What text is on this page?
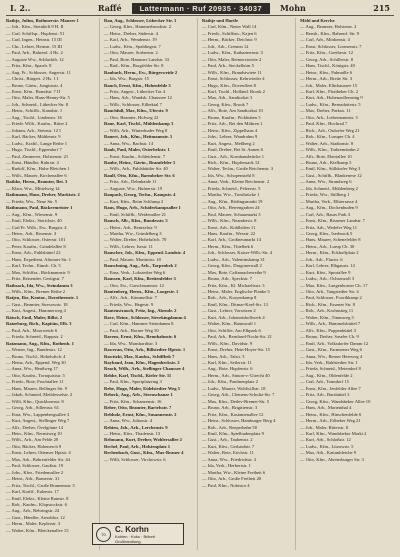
I. 2..	Raffé	Lattermann · Ruf 20935 · 34037	Mohn	215
Rathje, Julius, Bothmerstr. Maurer 1
— Joh., Kfm., Steinhöft 9 H. II
— Carl, Schiffsp., Hopfenst. 51
— Carl, Ingen., Heinstr. 15 III
— Chr., Lehrer, Heinstr. 15 III
— Paul, Arb., Bahrenf. 4 Hs. 2
— Auguste Ww., Schlachth. 12
— Fritz, Kfm., Sparrh. 8
— Aug. Fr., Schlosser, Angerstr. 11
— Christ., Bürgert. 2 Hs. 1 I
— Bruno, Gärtn., Jungiusstr. 4
— Ernst, Kfm., Brandstr. 7 II
— Otto, Maler, Hans-Henny-Str. 5
— Joh., Schneid., Lübecker Str. 8
— Heinr., Schiffb., Kanalstr. 1
— Aug., Tischl., Lindenstr. 16
— Friedr. Wilh., Kaufm., Ritter 2
— Johann, Arb., Steinstr. 12 I
— Karl, Bäcker, Mühlenstr. 9
— Ludw., Kraftf., Lange Reihe 1
— Hugo, Tischl., Eppendorf 7
— Paul, Zimmerer, Holstenstr. 21
— Ernst, Händler, Ruhrstr. 4
— Rudolf, Kfm., Hohe Bleichen 1
— Wilh., Maurer, Kirchenallee 6
Rathke, Herm., Beamter, Bei. 3
— Klara, Ww., Mittelweg 14
Rathmann, Hans, Dreher, Marktstr. 2
— Frieda, Ww., Neue Str. 5
Rathmann, Paul, Bäckermeister 1
— Aug., Kfm., Wiesenstr. 9
— Emil, Elektr., Sierichstr. 40
— Carl Fr. Wilh., Ew., Burgstr. 4
— Heinr., Arb., Rosenstr. 3
— Otto, Schlosser, Osterstr. 101
— Peter, Kaufm., Grindelallee 8
— Ernst, Arb., Fuhlsbüttel 22
— Hans, Expedient, Altonaer Str. 1
— Karl, Techn., Eimsb. Ch. 5
— Max, Schiffsz., Böckmannstr. 9
— Fritz, Reisender, Gertigstr. 7
Rathsack, Ida, Ww., Steindamm 3
— Wilh., Kfm., Bremer Reihe 2
Ratjen, Ilse, Kontor., Dorotheenstr. 1
— Gust., Beamter, Stresowstr. 18
— Kurt, Angest., Hammerweg 4
Rätsch, Emil, Maler, Billst. 2
Ratzeburg, Rich., Kapitän, Elb. 3
— Paul, Arb., Moorweide 6
— Frieda, Schneid., Rappstr. 2
Ratzmann, Aug., Kfm., Rothenb. 1
— Werner, Ing., Bundesstr. 12
— Bruno, Tischl., Hoheluftch. 4
— Heinz, Arb., Eppend. Weg 30
— Anna, Ww., Heußweg 17
— Otto, Kaufm., Tornquiststr. 5
— Friedr., Bote, Fruchtallee 11
— Hans, Maurer, Rellinger Str. 9
— Jakob, Schmied, Methfesselstr. 2
— Willi, Kfm., Quickbornstr. 8
— Georg, Arb., Sillemstr. 61
— Erna, Ww., Lappenbergsallee 3
— Kurt, Angest., Stellinger Weg 7
— Alfr., Dreher, Övelgönne 14
— Hein., Kfm., Nernstweg 10
— Wilh., Arb., Am Felde 20
— Otto, Bäcker, Hohenesch 9
— Ernst, Lehrer, Ottenser Hptstr. 4
— Max, Arb., Bahrenfelder Str. 44
— Paul, Schlosser, Gaußstr. 19
— Johs., Kfm., Friedensallee 2
— Heinr., Arb., Barnerstr. 31
— Fritz, Tischl., Große Brunnenstr. 5
— Karl, Kraftf., Eulenstr. 17
— Emil, Elektr., Kleine Rainstr. 8
— Rob., Kaufm., Klopstockstr. 6
— Aug., Arb., Behringstr. 24
— Gust., Händler, Arnoldstr. 12
— Herm., Maler, Keplerstr. 3
— Walter, Kfm., Bleickenallee 15
Rau, Aug., Schlosser, Lübecker Str. 1
— Georg, Kfm., Hammerbrookstr. 2
— Heinr., Dreher, Süderstr. 4
— Karl, Arb., Wendenstr. 19
— Ludw., Kfm., Spaldingstr. 7
— Otto, Maurer, Sorbenstr. 2
— Paul, Bote, Hammer Landstr. 33
— Rud., Kfm., Borgfelder Str. 8
Raubach, Herm., Ew., Bürgerweide 2
— Ida, Ww., Burgstr. 15
Rauch, Ernst, Kfm., Hohenfelde 3
— Fritz, Angest., Lübecker Tor 4
— Hans, Arb., Wandsb. Chaussee 12
— Wilh., Schlosser, Eilbektal 7
Rauchfuß, Max, Kfm., Uferstr. 9
— Otto, Beamter, Hofweg 22
Raue, Karl, Tischl., Mühlenkamp 3
— Willi, Arb., Winterhuder Weg 8
Rauert, Joh., Kfm., Heitmannstr. 5
— Anna, Ww., Bachstr. 14
Rauh, Paul, Maler, Osterbekstr. 1
— Ernst, Kaufm., Schleidenstr. 7
Rauhe, Heinr., Gärtn., Bramfelder 3
— Wilh., Arb., Fuhlsbüttler Str. 40
Raulf, Otto, Kfm., Barmbeker Str. 6
— Fritz, Arb., Dehnhaide 11
— Auguste, Ww., Hufnerstr. 19
Raupach, Georg, Techn., Kampstr. 4
— Kurt, Kfm., Beim Schlump 2
Raus, Hugo, Arb., Schäferkampsallee 1
— Emil, Schiffb., Weidenallee 21
Rausch, Alb., Kfm., Bundesstr. 5
— Heinr., Arb., Rentzelstr. 9
— Martha, Ww., Grindelberg 3
— Walter, Dreher, Hoheluftch. 70
— Wilh., Lehrer, Isestr. 11
Rauscher, Joh., Kfm., Eppend. Landstr. 4
— Paul, Maurer, Martinistr. 18
Rauschning, Aug., Arb., Tarpenbek 2
— Erna, Verk., Lokstedter Weg 6
Raussen, Karl, Kfm., Breitenfelder 3
— Otto, Ew., Curschmannstr. 12
Rautenberg, Herm., Kfm., Loogestr. 1
— Alfr., Arb., Kümmellstr. 7
— Frieda, Ww., Hegestr. 9
Rautenstrauch, Fritz, Ing., Abendr. 2
Rave, Heinr., Schlosser, Sievekingdamm 4
— Carl, Kfm., Hammer Steindamm 8
— Paul, Arb., Horner Weg 50
Ravens, Ernst, Kfm., Rennbahnstr. 6
— Ida, Ww., Manshardtstr. 3
Raweran, Otto, Arb., Billstedter Hptstr. 1
Rawitzki, Max, Kaufm., Schiffbek 7
Raybaud, Jean, Kfm., Hagenbeckstr. 2
Reach, Wilh., Arb., Stellinger Chaussee 4
Rebbe, Karl, Tischl., Kieler Str. 11
— Paul, Kfm., Sportplatzring 3
Rebe, Hugo, Maler, Eidelstedter Weg 5
Rebeck, Aug., Arb., Sternschanze 1
— Fritz, Kfm., Schanzenstr. 16
Reber, Otto, Beamter, Bartelsstr. 7
Rebholz, Ernst, Kfm., Susannenstr. 2
— Anna, Ww., Juliusstr. 4
Rebien, Joh., Arb., Lerchenstr. 9
— Heinr., Kfm., Thadenstr. 13
Rebmann, Kurt, Dreher, Wohlersallee 2
Rechel, Paul, Arb., Holstenplatz 1
Rechenbach, Gust., Kfm., Max-Brauer 4
— Willi, Schlosser, Virchowstr. 6
Rathje und Hartle
— Carl, Kfm., Neuer Wall 14
— Friedr., Schiffsm., Kajen 6
— Herm., Bäcker, Deichstr. 9
— Joh., Arb., Cremon 12
— Ludw., Kfm., Katharinenstr. 3
— Otto, Maler, Reimerstwiete 2
— Paul, Arb., Steckelhörn 5
— Wilh., Kfm., Brandstwiete 11
— Ernst, Schlosser, Kehrwieder 4
— Hugo, Kfm., Dovenfleet 8
— Karl, Tischl., Holländ. Brook 2
— Max, Arb., Sandtorkai 3
— Georg, Kfm., Brook 7
— Alfr., Bote, Am Sandtorkai 10
— Bruno, Kaufm., Pickhuben 5
— Fritz, Arb., Bei den Mühren 1
— Heinr., Kfm., Zippelhaus 4
— Johs., Lehrer, Wandrahm 9
— Kurt, Angest., Meßberg 2
— Emil, Dreher, Bei St. Annen 6
— Gust., Arb., Kornhausbrücke 1
— Rich., Kfm., Hopfensack 12
— Walter, Techn., Große Reichenstr. 3
— Ida, Ww., Schopenstehl 8
— Anna, Verk., Kleine Reichenstr. 2
— Frieda, Schneid., Pelzerstr. 5
— Martha, Ww., Trostbrücke 1
— Aug., Kfm., Rödingsmarkt 19
— Otto, Arb., Herrengraben 24
— Paul, Maurer, Schaarmarkt 3
— Wilh., Kfm., Neanderstr. 8
— Ernst, Arb., Kohlhöfen 11
— Hans, Kaufm., Wexstr. 22
— Karl, Arb., Großneumarkt 14
— Herm., Kfm., Thielbek 6
— Joh., Schlosser, Kaiser-Wilh.-Str. 4
— Ludw., Arb., Valentinskamp 31
— Georg, Kfm., Dragonerstall 2
— Max, Bote, Caffamacherreihe 9
— Bruno, Arb., Speckstr. 7
— Fritz, Kfm., Kl. Michaelisstr. 3
— Heinr., Maler, Englische Planke 5
— Rob., Arb., Krayenkamp 8
— Emil, Kfm., Ditmar-Koel-Str. 13
— Gust., Lehrer, Vorsetzen 2
— Kurt, Arb., Johannisbollwerk 4
— Walter, Kfm., Baumwall 1
— Otto, Schiffer, Am Elbpark 6
— Paul, Arb., Bernhard-Nocht-Str. 21
— Wilh., Kfm., Davidstr. 9
— Ernst, Dreher, Hein-Hoyer-Str. 15
— Hans, Arb., Talstr. 3
— Karl, Kfm., Seilerstr. 11
— Aug., Bote, Hopfenstr. 6
— Herm., Arb., Simon-v.-Utrecht 40
— Joh., Kfm., Paulinenplatz 2
— Ludw., Maurer, Wohlwillstr. 18
— Georg, Arb., Clemens-Schultz-Str. 7
— Max, Kfm., Detlev-Bremer-Str. 5
— Bruno, Arb., Brigittenstr. 3
— Fritz, Kfm., Kastanienallee 12
— Heinr., Schlosser, Hamburger Berg 4
— Rob., Arb., Reeperbahn 58
— Emil, Kfm., Spielbudenplatz 9
— Gust., Arb., Taubenstr. 2
— Kurt, Kfm., Gerhardstr. 7
— Walter, Bote, Erichstr. 11
— Anna, Ww., Friedrichstr. 3
— Ida, Verk., Herbertstr. 1
— Martha, Ww., Kleine Freiheit 6
— Otto, Arb., Große Freiheit 20
— Paul, Kfm., Nobistor 4
Möhl und Kerche
— Aug., Beamter, Holstenw. 2
— Bernh., Kfm., Bahrenf. Str. 9
— Carl, Arb., Mörkenstr. 4
— Ernst, Schlosser, Lornsenstr. 7
— Fritz, Kfm., Goethestr. 12
— Georg, Arb., Schillerstr. 8
— Hans, Tischl., Königstr. 40
— Heinr., Kfm., Palmaille 6
— Herm., Arb., Breite Str. 3
— Joh., Maler, Elbchaussee 15
— Karl, Kfm., Flottbeker Ch. 2
— Kurt, Arb., Hohenzollernring 9
— Ludw., Kfm., Bernadottestr. 5
— Max, Dreher, Parkstr. 11
— Otto, Arb., Liebermannstr. 3
— Paul, Kfm., Hochrad 7
— Rich., Arb., Osdorfer Weg 21
— Rob., Kfm., Luruper Ch. 4
— Walter, Arb., Stadionstr. 8
— Wilh., Kfm., Trabrennbahn 2
— Alfr., Bote, Ebertallee 10
— Bruno, Arb., Kielkamp 5
— Emil, Kfm., Sülldorfer Weg 3
— Gust., Schiffb., Blankenese 12
— Anna, Ww., Strandweg 6
— Ida, Schneid., Mühlenberg 2
— Frieda, Ww., Süllberg 1
— Martha, Verk., Elbterrasse 4
— Aug., Kfm., Dockenhuden 9
— Carl, Arb., Baurs Park 3
— Ernst, Kfm., Rissener Landstr. 7
— Fritz, Arb., Wedeler Weg 11
— Georg, Kfm., Iserbrook 5
— Hans, Maurer, Schenefelder 8
— Heinr., Arb., Lurup Ch. 30
— Herm., Kfm., Eckhoffplatz 2
— Joh., Arb., Flurstr. 6
— Karl, Lehrer, Elbgaustr. 14
— Kurt, Kfm., Sportallee 9
— Ludw., Arb., Ochsenzoll 3
— Max, Kfm., Langenhorner Ch. 17
— Otto, Arb., Tangstedter Str. 4
— Paul, Schlosser, Foorthkamp 2
— Rich., Kfm., Essener Str. 8
— Rob., Arb., Krohnstieg 11
— Walter, Kfm., Timmweg 5
— Wilh., Arb., Hummelsbüttel 7
— Alfr., Kfm., Poppenbüttel 3
— Bruno, Dreher, Saseler Ch. 9
— Emil, Arb., Volksdorfer Damm 12
— Gust., Kfm., Farmsener Weg 6
— Anna, Ww., Berner Heerweg 4
— Ida, Verk., Rahlstedter Str. 1
— Frieda, Schneid., Meiendorf 8
— Aug., Kfm., Oldenfelde 2
— Carl, Arb., Tonndorf 15
— Ernst, Kfm., Jenfelder Allee 7
— Fritz, Arb., Barsbüttel 3
— Georg, Kfm., Wandsbeker Allee 10
— Hans, Arb., Marienthal 4
— Heinr., Kfm., Hinschenfelde 6
— Herm., Arb., Eilbeker Weg 21
— Joh., Maler, Ritterstr. 8
— Karl, Kfm., Wandsbeker Markt 2
— Kurt, Arb., Schloßstr. 12
— Ludw., Kfm., Litzowstr. 5
— Max, Arb., Kattunbleiche 9
— Otto, Kfm., Ahrensburger Str. 3
70
C. Korhn
Kohlen · Koks · Brikett
Großhandlung
